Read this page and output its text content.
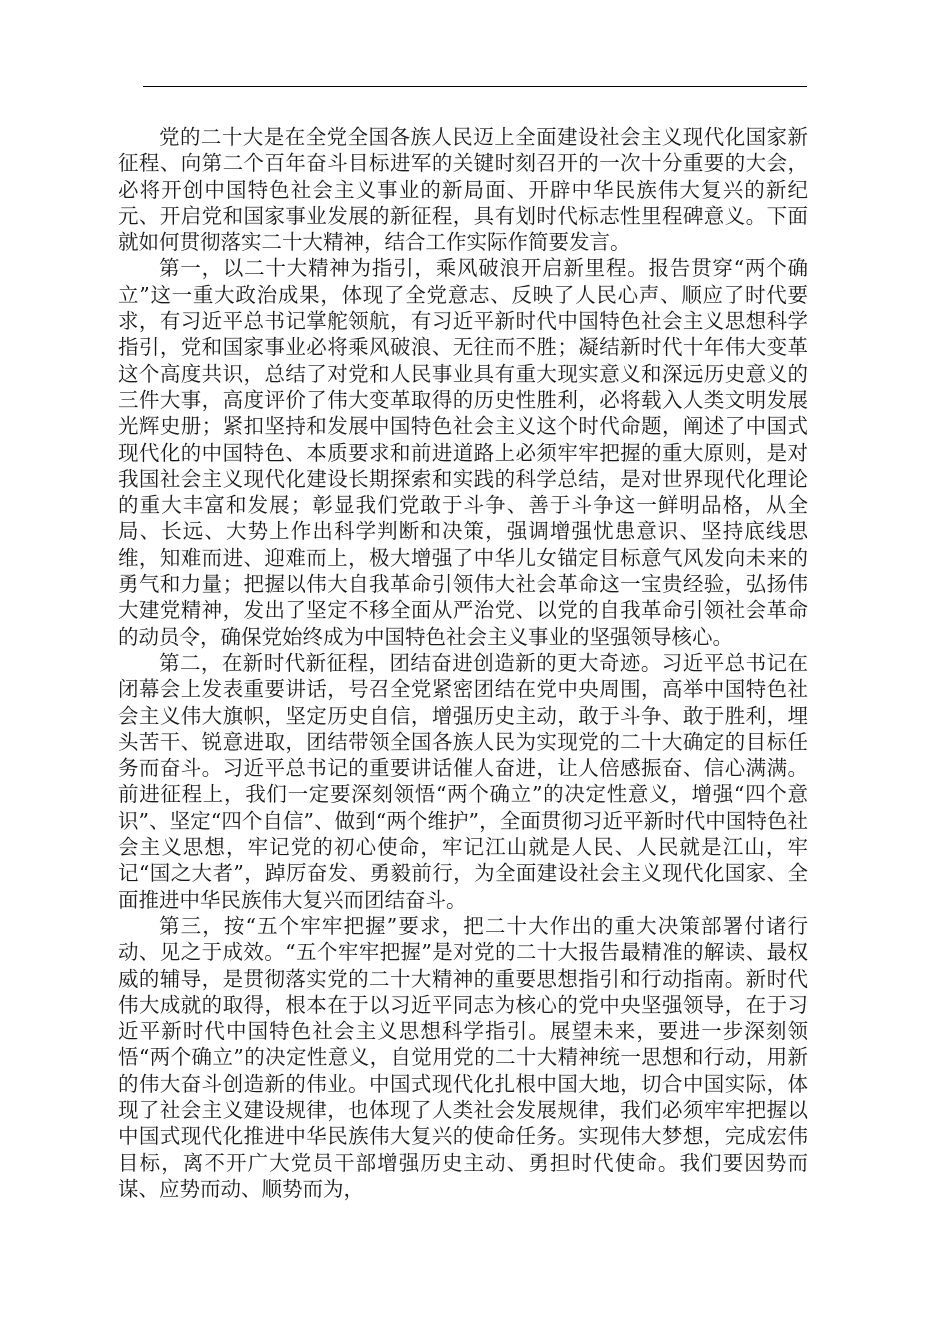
党的二十大是在全党全国各族人民迈上全面建设社会主义现代化国家新征程、向第二个百年奋斗目标进军的关键时刻召开的一次十分重要的大会，必将开创中国特色社会主义事业的新局面、开辟中华民族伟大复兴的新纪元、开启党和国家事业发展的新征程，具有划时代标志性里程碑意义。下面就如何贯彻落实二十大精神，结合工作实际作简要发言。

第一，以二十大精神为指引，乘风破浪开启新里程。报告贯穿“两个确立”这一重大政治成果，体现了全党意志、反映了人民心声、顺应了时代要求，有习近平总书记掌舵领航，有习近平新时代中国特色社会主义思想科学指引，党和国家事业必将乘风破浪、无往而不胜；凝结新时代十年伟大变革这个高度共识，总结了对党和人民事业具有重大现实意义和深远历史意义的三件大事，高度评价了伟大变革取得的历史性胜利，必将载入人类文明发展光辉史册；紧扣坚持和发展中国特色社会主义这个时代命题，阐述了中国式现代化的中国特色、本质要求和前进道路上必须牢牢把握的重大原则，是对我国社会主义现代化建设长期探索和实践的科学总结，是对世界现代化理论的重大丰富和发展；彰显我们党敢于斗争、善于斗争这一鲜明品格，从全局、长远、大势上作出科学判断和决策，强调增强忧患意识、坚持底线思维，知难而进、迎难而上，极大增强了中华儿女锚定目标意气风发向未来的勇气和力量；把握以伟大自我革命引领伟大社会革命这一宝贵经验，弘扬伟大建党精神，发出了坚定不移全面从严治党、以党的自我革命引领社会革命的动员令，确保党始终成为中国特色社会主义事业的坚强领导核心。

第二，在新时代新征程，团结奋进创造新的更大奇迹。习近平总书记在闭幕会上发表重要讲话，号召全党紧密团结在党中央周围，高举中国特色社会主义伟大旗帜，坚定历史自信，增强历史主动，敢于斗争、敢于胜利，埋头苦干、锐意进取，团结带领全国各族人民为实现党的二十大确定的目标任务而奋斗。习近平总书记的重要讲话催人奋进，让人倍感振奋、信心满满。前进征程上，我们一定要深刻领悟“两个确立”的决定性意义，增强“四个意识”、坚定“四个自信”、做到“两个维护”，全面贯彻习近平新时代中国特色社会主义思想，牢记党的初心使命，牢记江山就是人民、人民就是江山，牢记“国之大者”，踔厉奋发、勇毅前行，为全面建设社会主义现代化国家、全面推进中华民族伟大复兴而团结奋斗。

第三，按“五个牢牢把握”要求，把二十大作出的重大决策部署付诸行动、见之于成效。“五个牢牢把握”是对党的二十大报告最精准的解读、最权威的辅导，是贯彻落实党的二十大精神的重要思想指引和行动指南。新时代伟大成就的取得，根本在于以习近平同志为核心的党中央坚强领导，在于习近平新时代中国特色社会主义思想科学指引。展望未来，要进一步深刻领悟“两个确立”的决定性意义，自觉用党的二十大精神统一思想和行动，用新的伟大奋斗创造新的伟业。中国式现代化扎根中国大地，切合中国实际，体现了社会主义建设规律，也体现了人类社会发展规律，我们必须牢牢把握以中国式现代化推进中华民族伟大复兴的使命任务。实现伟大梦想，完成宏伟目标，离不开广大党员干部增强历史主动、勇担时代使命。我们要因势而谋、应势而动、顺势而为，
